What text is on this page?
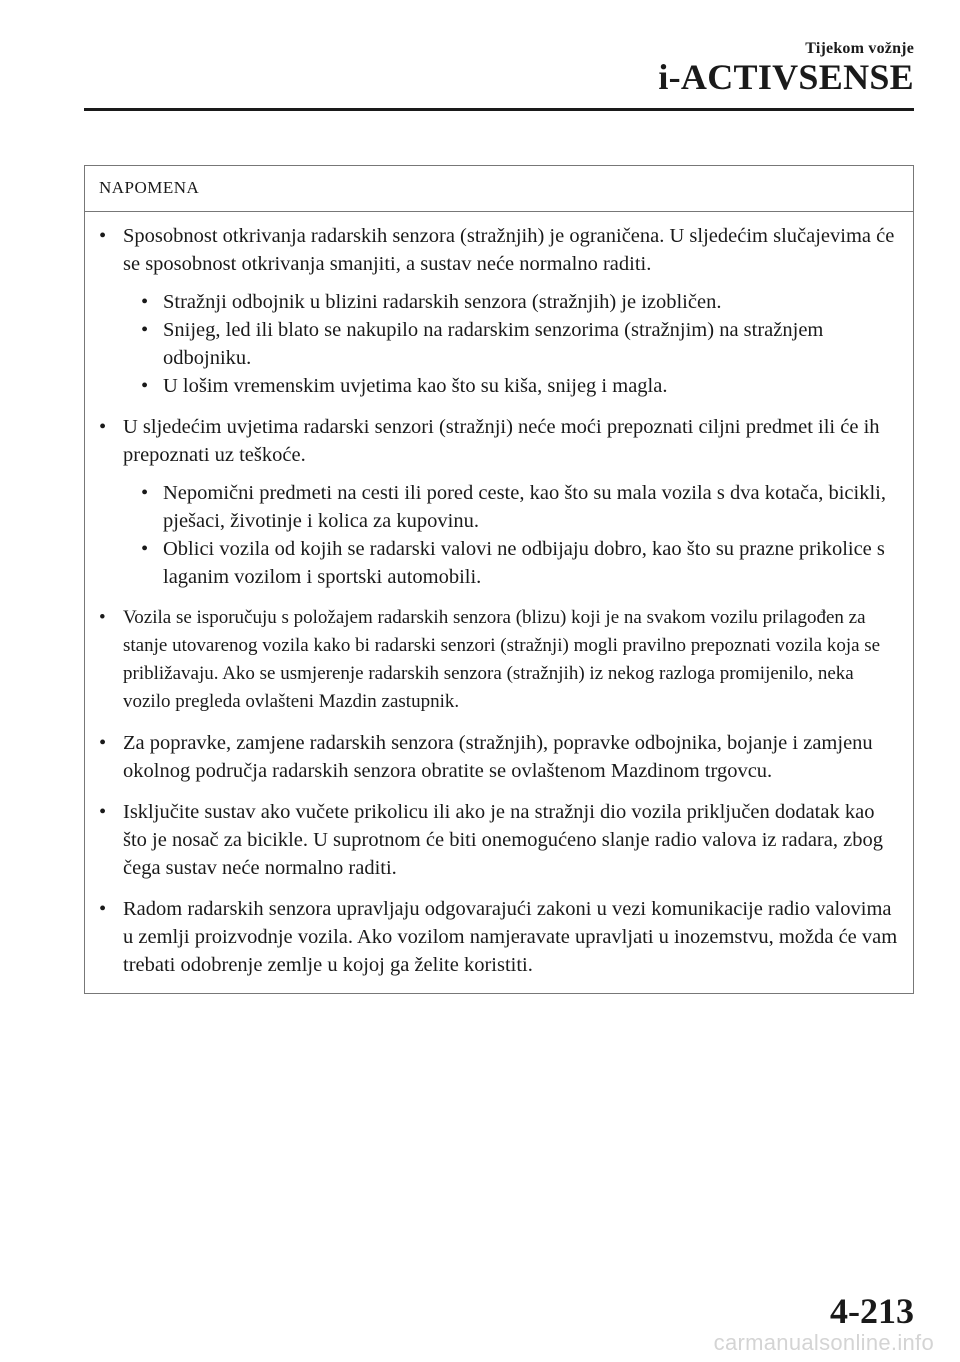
Tijekom vožnje
i-ACTIVSENSE
NAPOMENA
• Sposobnost otkrivanja radarskih senzora (stražnjih) je ograničena. U sljedećim slučajevima će se sposobnost otkrivanja smanjiti, a sustav neće normalno raditi.
• Stražnji odbojnik u blizini radarskih senzora (stražnjih) je izobličen.
• Snijeg, led ili blato se nakupilo na radarskim senzorima (stražnjim) na stražnjem odbojniku.
• U lošim vremenskim uvjetima kao što su kiša, snijeg i magla.
• U sljedećim uvjetima radarski senzori (stražnji) neće moći prepoznati ciljni predmet ili će ih prepoznati uz teškoće.
• Nepomični predmeti na cesti ili pored ceste, kao što su mala vozila s dva kotača, bicikli, pješaci, životinje i kolica za kupovinu.
• Oblici vozila od kojih se radarski valovi ne odbijaju dobro, kao što su prazne prikolice s laganim vozilom i sportski automobili.
• Vozila se isporučuju s položajem radarskih senzora (blizu) koji je na svakom vozilu prilagođen za stanje utovarenog vozila kako bi radarski senzori (stražnji) mogli pravilno prepoznati vozila koja se približavaju. Ako se usmjerenje radarskih senzora (stražnjih) iz nekog razloga promijenilo, neka vozilo pregleda ovlašteni Mazdin zastupnik.
• Za popravke, zamjene radarskih senzora (stražnjih), popravke odbojnika, bojanje i zamjenu okolnog područja radarskih senzora obratite se ovlaštenom Mazdinom trgovcu.
• Isključite sustav ako vučete prikolicu ili ako je na stražnji dio vozila priključen dodatak kao što je nosač za bicikle. U suprotnom će biti onemogućeno slanje radio valova iz radara, zbog čega sustav neće normalno raditi.
• Radom radarskih senzora upravljaju odgovarajući zakoni u vezi komunikacije radio valovima u zemlji proizvodnje vozila. Ako vozilom namjeravate upravljati u inozemstvu, možda će vam trebati odobrenje zemlje u kojoj ga želite koristiti.
4-213
carmanualsonline.info
